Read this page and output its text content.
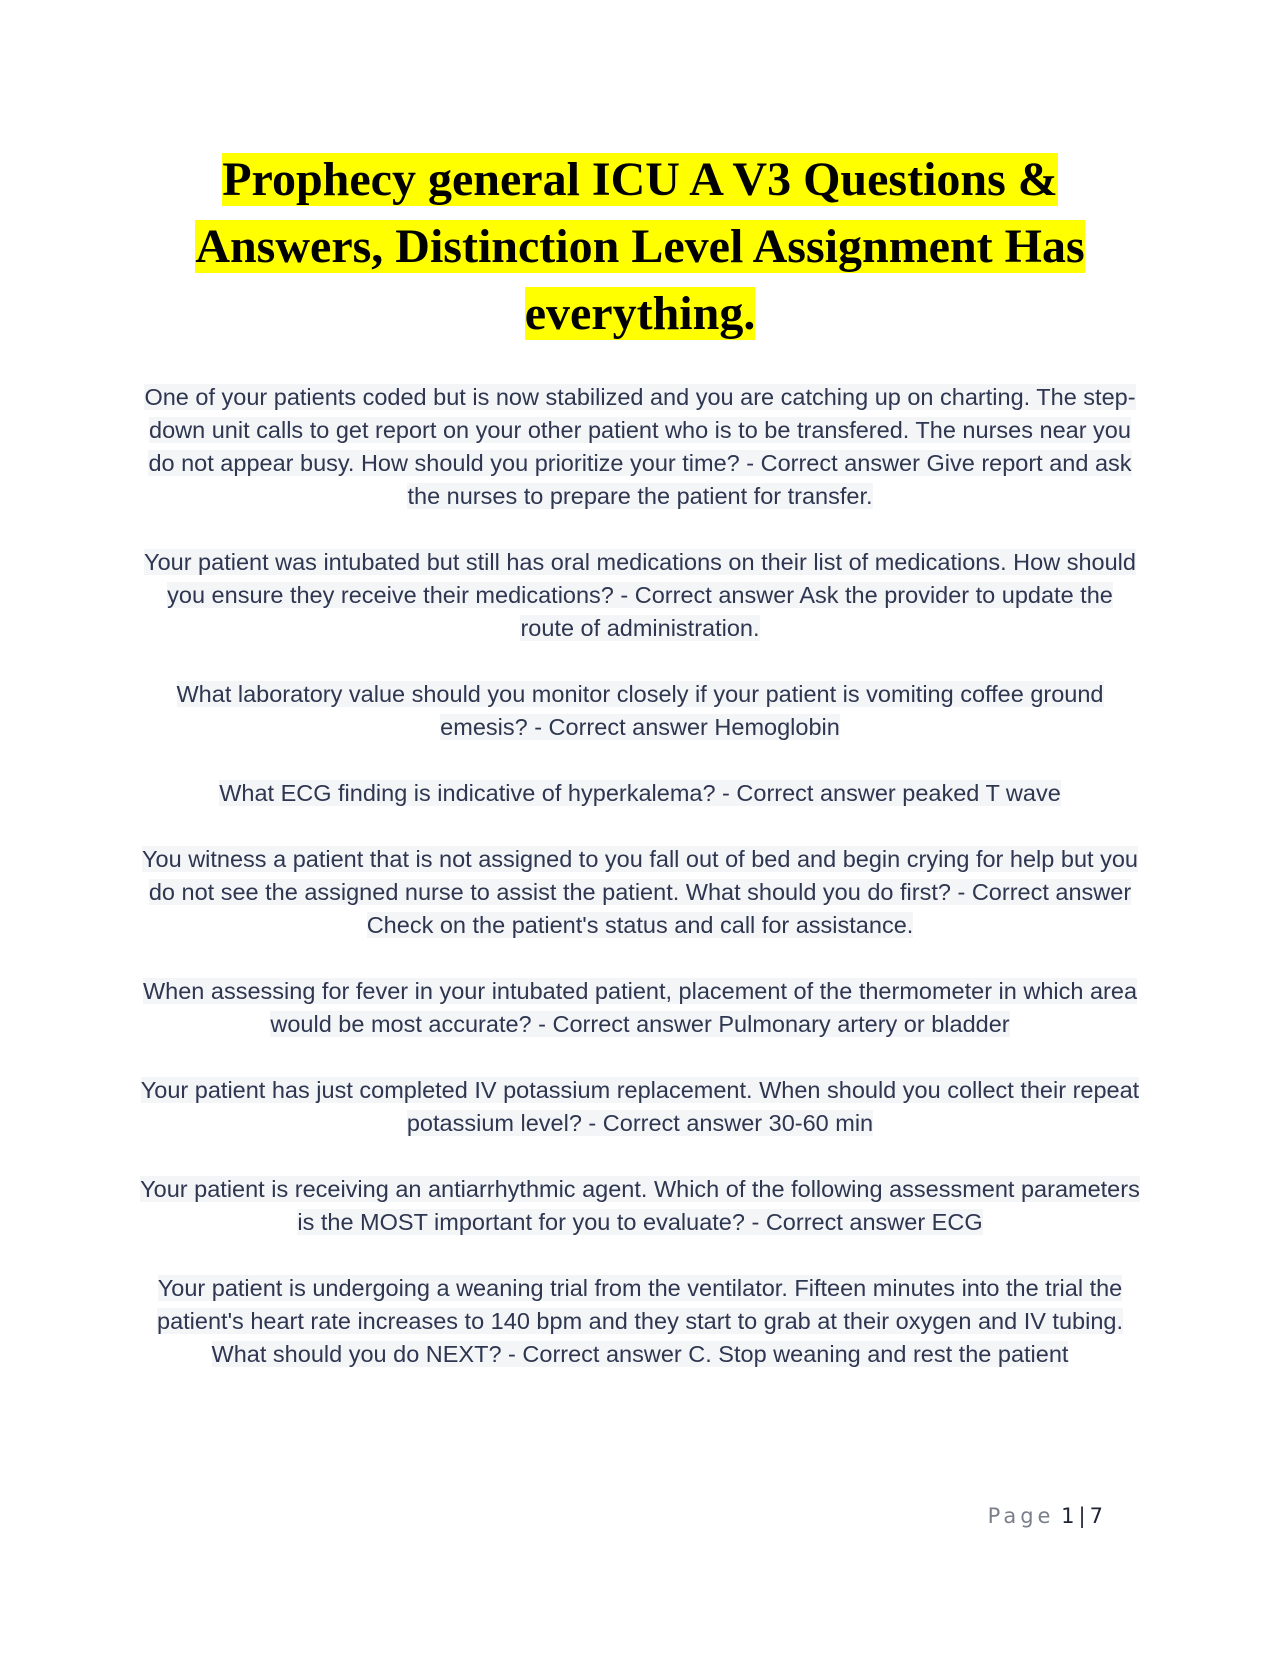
Prophecy general ICU A V3 Questions & Answers, Distinction Level Assignment Has everything.
One of your patients coded but is now stabilized and you are catching up on charting. The step-down unit calls to get report on your other patient who is to be transfered. The nurses near you do not appear busy. How should you prioritize your time? - Correct answer Give report and ask the nurses to prepare the patient for transfer.
Your patient was intubated but still has oral medications on their list of medications. How should you ensure they receive their medications? - Correct answer Ask the provider to update the route of administration.
What laboratory value should you monitor closely if your patient is vomiting coffee ground emesis? - Correct answer Hemoglobin
What ECG finding is indicative of hyperkalema? - Correct answer peaked T wave
You witness a patient that is not assigned to you fall out of bed and begin crying for help but you do not see the assigned nurse to assist the patient. What should you do first? - Correct answer Check on the patient's status and call for assistance.
When assessing for fever in your intubated patient, placement of the thermometer in which area would be most accurate? - Correct answer Pulmonary artery or bladder
Your patient has just completed IV potassium replacement. When should you collect their repeat potassium level? - Correct answer 30-60 min
Your patient is receiving an antiarrhythmic agent. Which of the following assessment parameters is the MOST important for you to evaluate? - Correct answer ECG
Your patient is undergoing a weaning trial from the ventilator. Fifteen minutes into the trial the patient's heart rate increases to 140 bpm and they start to grab at their oxygen and IV tubing. What should you do NEXT? - Correct answer C. Stop weaning and rest the patient
Page 1 | 7
